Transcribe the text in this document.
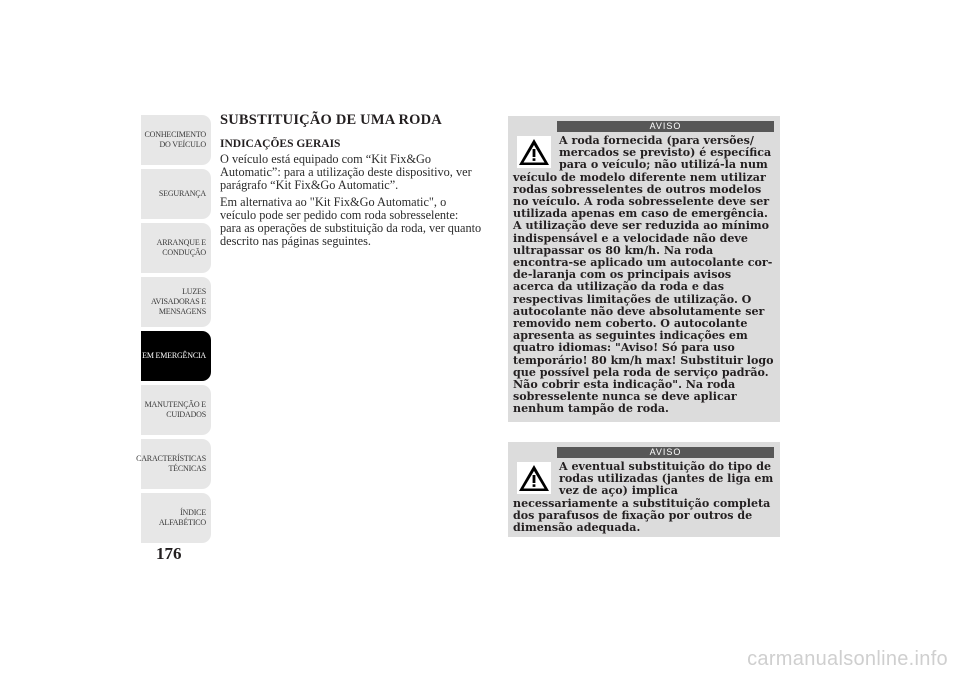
CONHECIMENTO
DO VEÍCULO
SEGURANÇA
ARRANQUE E
CONDUÇÃO
LUZES
AVISADORAS E
MENSAGENS
EM EMERGÊNCIA
MANUTENÇÃO E
CUIDADOS
CARACTERÍSTICAS
TÉCNICAS
ÍNDICE
ALFABÉTICO
176
SUBSTITUIÇÃO DE UMA RODA
INDICAÇÕES GERAIS

O veículo está equipado com “Kit Fix&Go Automatic”: para a utilização deste dispositivo, ver parágrafo “Kit Fix&Go Automatic”.

Em alternativa ao "Kit Fix&Go Automatic", o veículo pode ser pedido com roda sobresselente: para as operações de substituição da roda, ver quanto descrito nas páginas seguintes.

AVISO
A roda fornecida (para versões/ mercados se previsto) é específica para o veículo; não utilizá-la num veículo de modelo diferente nem utilizar rodas sobresselentes de outros modelos no veículo. A roda sobresselente deve ser utilizada apenas em caso de emergência. A utilização deve ser reduzida ao mínimo indispensável e a velocidade não deve ultrapassar os 80 km/h. Na roda encontra-se aplicado um autocolante cor-de-laranja com os principais avisos acerca da utilização da roda e das respectivas limitações de utilização. O autocolante não deve absolutamente ser removido nem coberto. O autocolante apresenta as seguintes indicações em quatro idiomas: "Aviso! Só para uso temporário! 80 km/h max! Substituir logo que possível pela roda de serviço padrão. Não cobrir esta indicação". Na roda sobresselente nunca se deve aplicar nenhum tampão de roda.
AVISO
A eventual substituição do tipo de rodas utilizadas (jantes de liga em vez de aço) implica necessariamente a substituição completa dos parafusos de fixação por outros de dimensão adequada.
carmanualsonline.info
